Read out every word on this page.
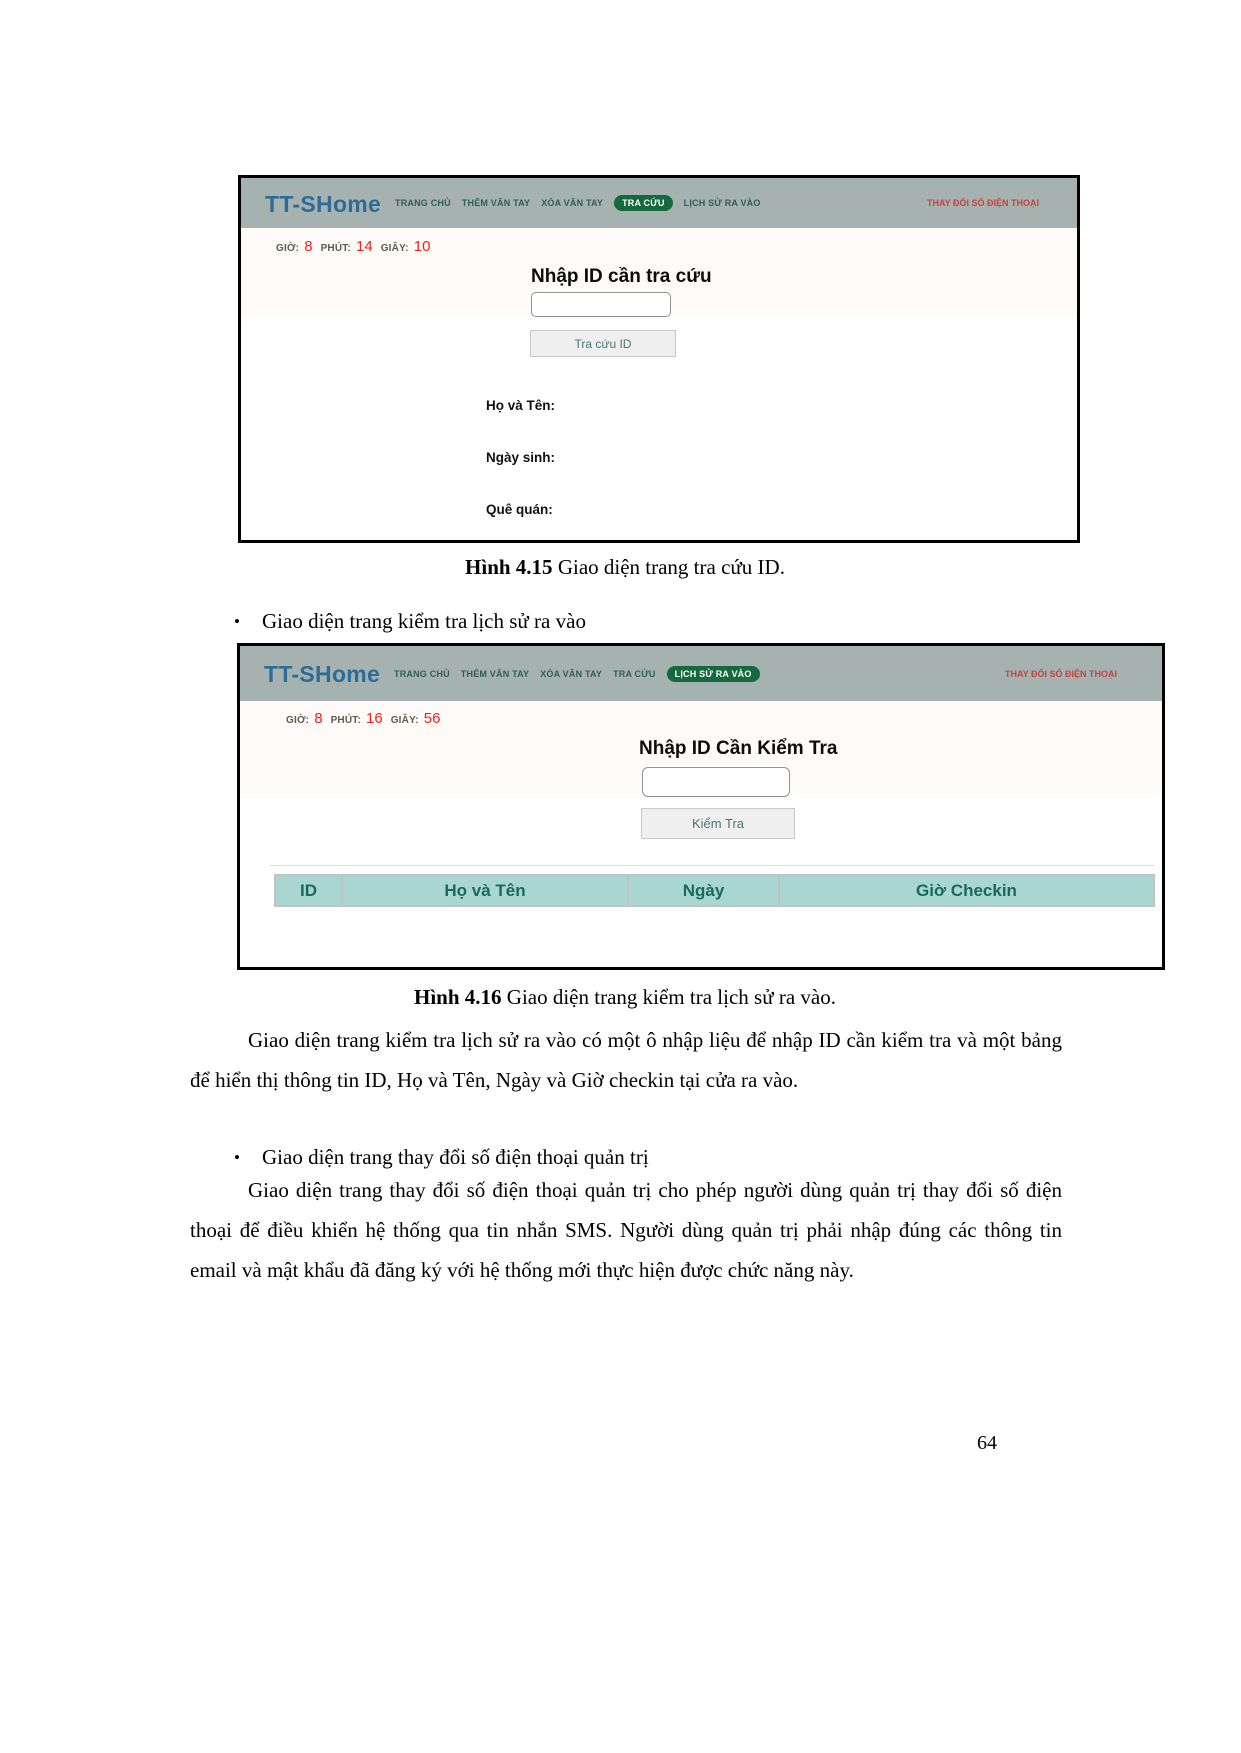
TT-SHome TRANG CHỦ THÊM VÂN TAY XÓA VÂN TAY	TRA CỨU	LỊCH SỬ RA VÀO	THAY ĐỔI SỐ ĐIỆN THOẠI
GIỜ: 8 PHÚT: 14 GIÂY: 10
Nhập ID cần tra cứu
Tra cứu ID
Họ và Tên:
Ngày sinh:
Quê quán:
Hình 4.15 Giao diện trang tra cứu ID.
• Giao diện trang kiểm tra lịch sử ra vào
TT-SHome TRANG CHỦ THÊM VÂN TAY XÓA VÂN TAY TRA CỨU	LỊCH SỬ RA VÀO	THAY ĐỔI SỐ ĐIỆN THOẠI
GIỜ: 8 PHÚT: 16 GIÂY: 56
Nhập ID Cần Kiểm Tra
Kiểm Tra
ID	Họ và Tên	Ngày	Giờ Checkin
Hình 4.16 Giao diện trang kiểm tra lịch sử ra vào.
Giao diện trang kiểm tra lịch sử ra vào có một ô nhập liệu để nhập ID cần kiểm tra và một bảng để hiển thị thông tin ID, Họ và Tên, Ngày và Giờ checkin tại cửa ra vào.
• Giao diện trang thay đổi số điện thoại quản trị
Giao diện trang thay đổi số điện thoại quản trị cho phép người dùng quản trị thay đổi số điện thoại để điều khiển hệ thống qua tin nhắn SMS. Người dùng quản trị phải nhập đúng các thông tin email và mật khẩu đã đăng ký với hệ thống mới thực hiện được chức năng này.
64
